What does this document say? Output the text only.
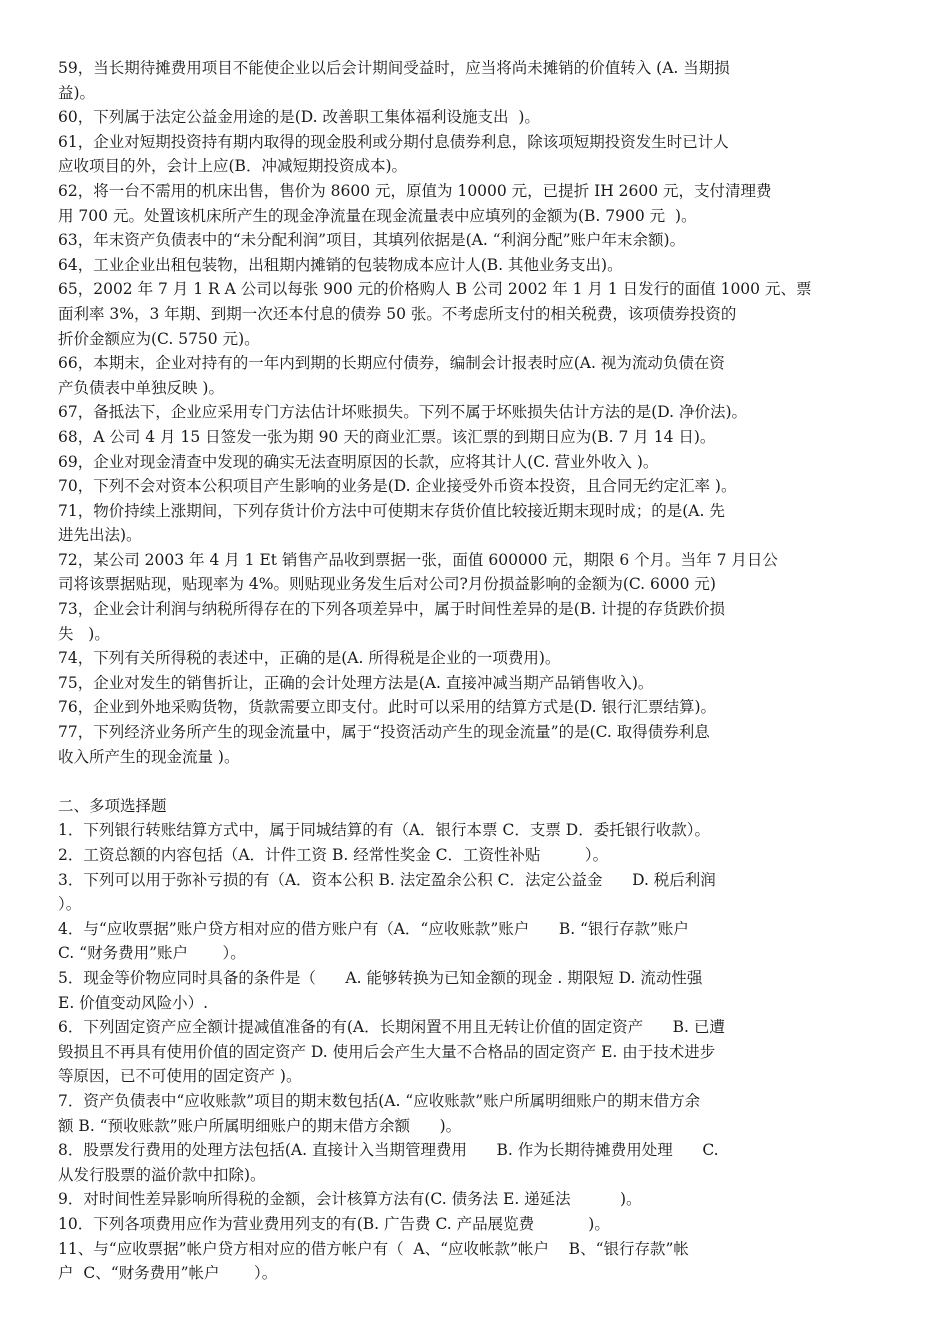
59，当长期待摊费用项目不能使企业以后会计期间受益时，应当将尚未摊销的价值转入 (A. 当期损
益)。
60，下列属于法定公益金用途的是(D. 改善职工集体福利设施支出  )。
61，企业对短期投资持有期内取得的现金股利或分期付息债券利息，除该项短期投资发生时已计人
应收项目的外，会计上应(B．冲减短期投资成本)。
62，将一台不需用的机床出售，售价为 8600 元，原值为 10000 元，已提折 IH 2600 元，支付清理费
用 700 元。处置该机床所产生的现金净流量在现金流量表中应填列的金额为(B. 7900 元  )。
63，年末资产负债表中的“未分配利润”项目，其填列依据是(A. “利润分配”账户年末余额)。
64，工业企业出租包装物，出租期内摊销的包装物成本应计人(B. 其他业务支出)。
65，2002 年 7 月 1 R A 公司以每张 900 元的价格购人 B 公司 2002 年 1 月 1 日发行的面值 1000 元、票
面利率 3%，3 年期、到期一次还本付息的债券 50 张。不考虑所支付的相关税费，该项债券投资的
折价金额应为(C. 5750 元)。
66，本期末，企业对持有的一年内到期的长期应付债券，编制会计报表时应(A. 视为流动负债在资
产负债表中单独反映 )。
67，备抵法下，企业应采用专门方法估计坏账损失。下列不属于坏账损失估计方法的是(D. 净价法)。
68，A 公司 4 月 15 日签发一张为期 90 天的商业汇票。该汇票的到期日应为(B. 7 月 14 日)。
69，企业对现金清查中发现的确实无法查明原因的长款，应将其计人(C. 营业外收入 )。
70，下列不会对资本公积项目产生影响的业务是(D. 企业接受外币资本投资，且合同无约定汇率 )。
71，物价持续上涨期间，下列存货计价方法中可使期末存货价值比较接近期末现时成；的是(A. 先
进先出法)。
72，某公司 2003 年 4 月 1 Et 销售产品收到票据一张，面值 600000 元，期限 6 个月。当年 7 月日公
司将该票据贴现，贴现率为 4%。则贴现业务发生后对公司?月份损益影响的金额为(C. 6000 元)
73，企业会计利润与纳税所得存在的下列各项差异中，属于时间性差异的是(B. 计提的存货跌价损
失   )。
74，下列有关所得税的表述中，正确的是(A. 所得税是企业的一项费用)。
75，企业对发生的销售折让，正确的会计处理方法是(A. 直接冲减当期产品销售收入)。
76，企业到外地采购货物，货款需要立即支付。此时可以采用的结算方式是(D. 银行汇票结算)。
77，下列经济业务所产生的现金流量中，属于“投资活动产生的现金流量”的是(C. 取得债券利息
收入所产生的现金流量 )。
二、多项选择题
1．下列银行转账结算方式中，属于同城结算的有（A．银行本票 C．支票 D．委托银行收款）。
2．工资总额的内容包括（A．计件工资 B. 经常性奖金 C．工资性补贴         ）。
3．下列可以用于弥补亏损的有（A．资本公积 B. 法定盈余公积 C．法定公益金      D. 税后利润
）。
4．与“应收票据”账户贷方相对应的借方账户有（A．“应收账款”账户      B. “银行存款”账户
C. “财务费用”账户       ）。
5．现金等价物应同时具备的条件是（      A. 能够转换为已知金额的现金 . 期限短 D. 流动性强
E. 价值变动风险小）.
6．下列固定资产应全额计提减值准备的有(A．长期闲置不用且无转让价值的固定资产      B. 已遭
毁损且不再具有使用价值的固定资产 D. 使用后会产生大量不合格品的固定资产 E. 由于技术进步
等原因，已不可使用的固定资产 )。
7．资产负债表中“应收账款”项目的期末数包括(A. “应收账款”账户所属明细账户的期末借方余
额 B. “预收账款”账户所属明细账户的期末借方余额      )。
8．股票发行费用的处理方法包括(A. 直接计入当期管理费用      B. 作为长期待摊费用处理      C.
从发行股票的溢价款中扣除)。
9．对时间性差异影响所得税的金额，会计核算方法有(C. 债务法 E. 递延法          )。
10．下列各项费用应作为营业费用列支的有(B. 广告费 C. 产品展览费           )。
11、与“应收票据”帐户贷方相对应的借方帐户有（  A、“应收帐款”帐户    B、“银行存款”帐
户  C、“财务费用”帐户       ）。
